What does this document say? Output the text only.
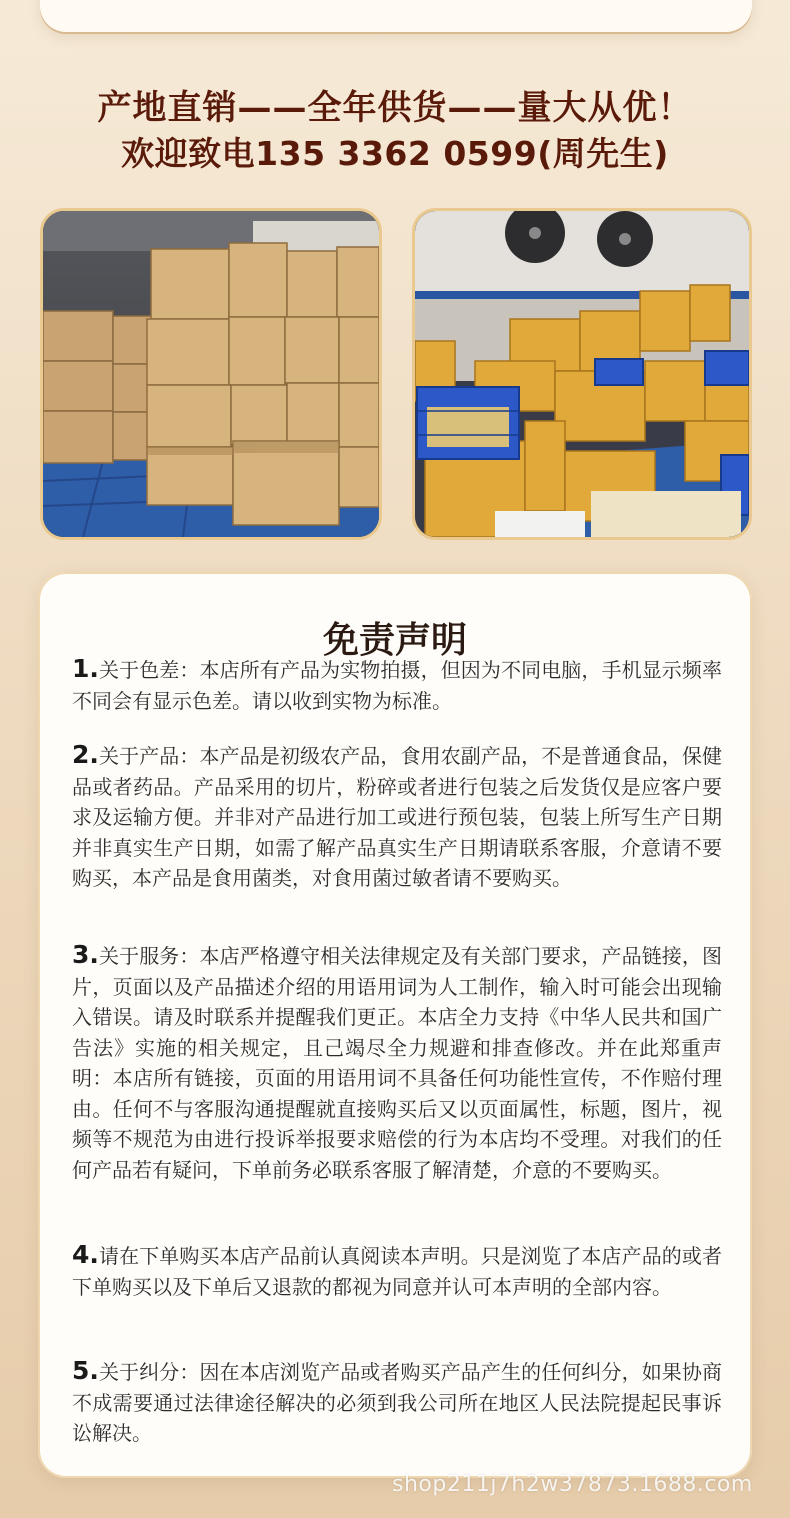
产地直销——全年供货——量大从优！
欢迎致电135 3362 0599(周先生)
免责声明

1.关于色差：本店所有产品为实物拍摄，但因为不同电脑，手机显示频率不同会有显示色差。请以收到实物为标准。

2.关于产品：本产品是初级农产品，食用农副产品，不是普通食品，保健品或者药品。产品采用的切片，粉碎或者进行包装之后发货仅是应客户要求及运输方便。并非对产品进行加工或进行预包装，包装上所写生产日期并非真实生产日期，如需了解产品真实生产日期请联系客服，介意请不要购买，本产品是食用菌类，对食用菌过敏者请不要购买。

4.请在下单购买本店产品前认真阅读本声明。只是浏览了本店产品的或者下单购买以及下单后又退款的都视为同意并认可本声明的全部内容。

5.关于纠分：因在本店浏览产品或者购买产品产生的任何纠分，如果协商不成需要通过法律途径解决的必须到我公司所在地区人民法院提起民事诉讼解决。

3.关于服务：本店严格遵守相关法律规定及有关部门要求，产品链接，图片，页面以及产品描述介绍的用语用词为人工制作，输入时可能会出现输入错误。请及时联系并提醒我们更正。本店全力支持《中华人民共和国广告法》实施的相关规定，且己竭尽全力规避和排查修改。并在此郑重声明：本店所有链接，页面的用语用词不具备任何功能性宣传，不作赔付理由。任何不与客服沟通提醒就直接购买后又以页面属性，标题，图片，视频等不规范为由进行投诉举报要求赔偿的行为本店均不受理。对我们的任何产品若有疑问，下单前务必联系客服了解清楚，介意的不要购买。

shop211j7h2w37873.1688.com
